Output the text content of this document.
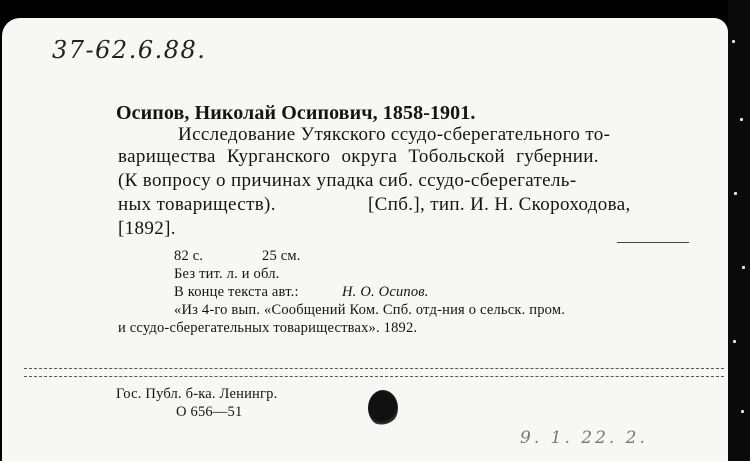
37-62.6.88.
Осипов, Николай Осипович, 1858-1901.
Исследование Утякского ссудо-сберегательного то-
варищества Курганского округа Тобольской губернии.
(К вопросу о причинах упадка сиб. ссудо-сберегатель-
ных товариществ).	[Спб.], тип. И. Н. Скороходова,
[1892].
82 с.	25 см.
Без тит. л. и обл.
В конце текста авт.:	Н. О. Осипов.
«Из 4-го вып. «Сообщений Ком. Спб. отд-ния о сельск. пром.
и ссудо-сберегательных товариществах». 1892.
Гос. Публ. б-ка. Ленингр.
О 656—51
9. 1. 22. 2.
